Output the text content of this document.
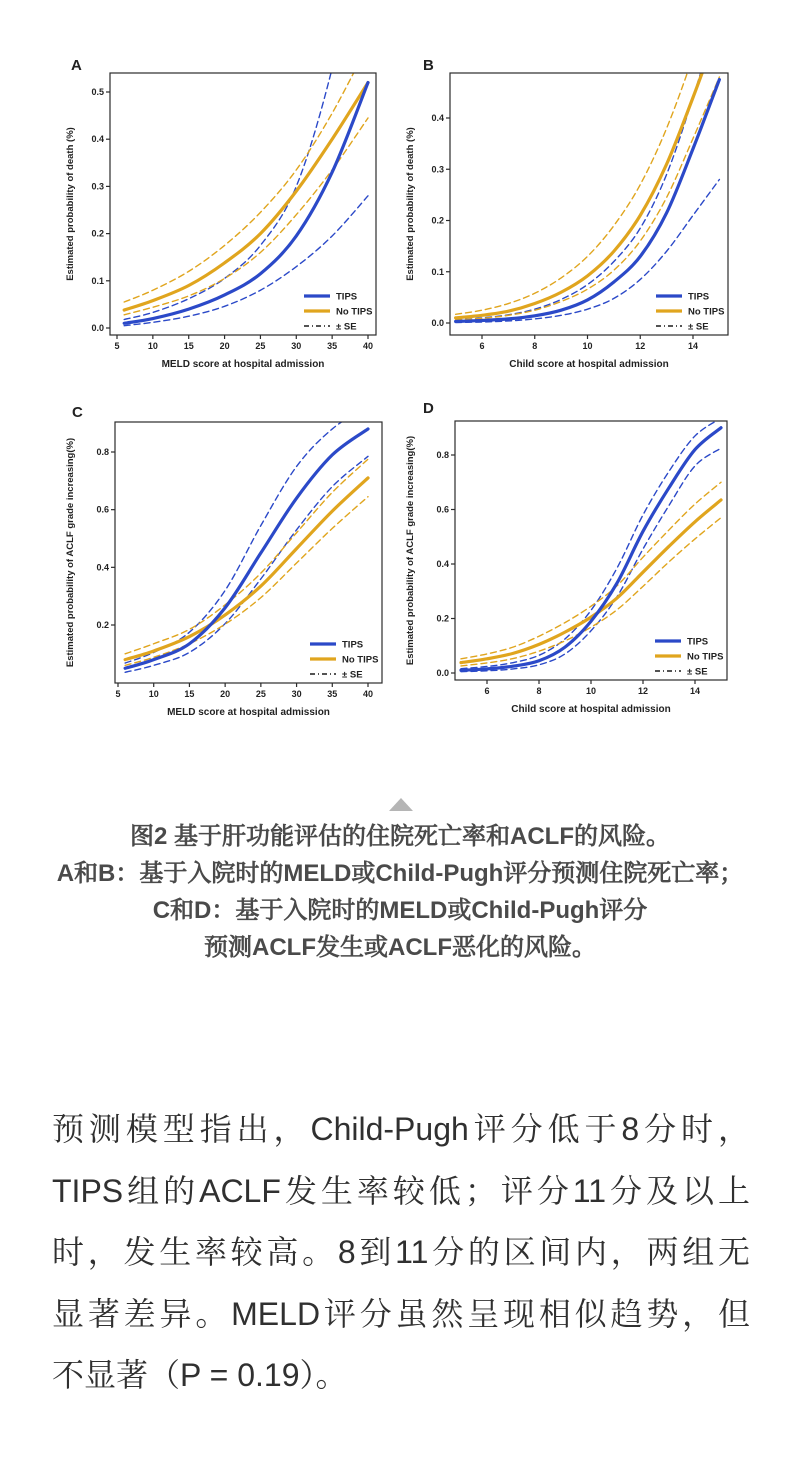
5	10	15	20	25	30	35	40
0.0
0.1
0.2
0.3
0.4
0.5
MELD score at hospital admission
Estimated probability of death (%)
A
TIPS
No TIPS
± SE
6	8	10	12	14
0.0
0.1
0.2
0.3
0.4
Child score at hospital admission
Estimated probability of death (%)
B
TIPS
No TIPS
± SE
5	10	15	20	25	30	35	40
0.2
0.4
0.6
0.8
MELD score at hospital admission
Estimated probability of ACLF grade increasing(%)
C
TIPS
No TIPS
± SE
6	8	10	12	14
0.0
0.2
0.4
0.6
0.8
Child score at hospital admission
Estimated probability of ACLF grade increasing(%)
D
TIPS
No TIPS
± SE
图2 基于肝功能评估的住院死亡率和ACLF的风险。
A和B：基于入院时的MELD或Child-Pugh评分预测住院死亡率；
C和D：基于入院时的MELD或Child-Pugh评分
预测ACLF发生或ACLF恶化的风险。
预测模型指出，Child-Pugh评分低于8分时，
TIPS组的ACLF发生率较低；评分11分及以上
时，发生率较高。8到11分的区间内，两组无
显著差异。MELD评分虽然呈现相似趋势，但
不显著（P = 0.19）。
